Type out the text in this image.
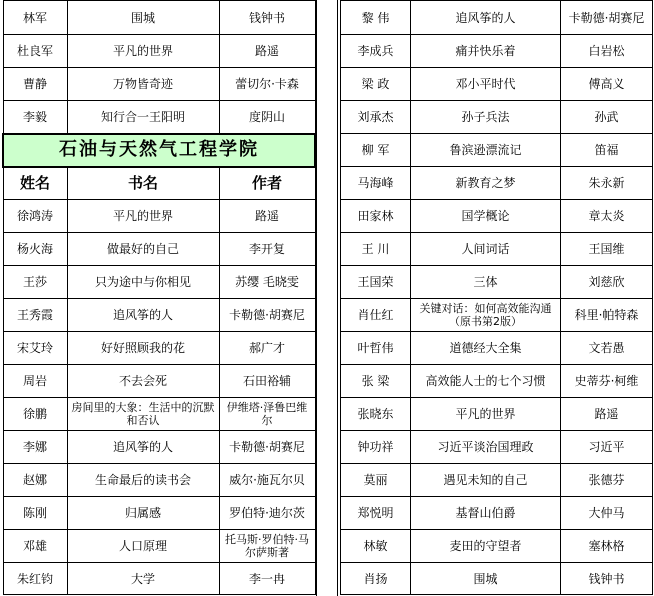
林军	围城	钱钟书
杜良军	平凡的世界	路遥
曹静	万物皆奇迹	蕾切尔·卡森
李毅	知行合一王阳明	度阴山
石油与天然气工程学院		
姓名	书名	作者
徐鸿涛	平凡的世界	路遥
杨火海	做最好的自己	李开复
王莎	只为途中与你相见	苏缨 毛晓雯
王秀霞	追风筝的人	卡勒德·胡赛尼
宋艾玲	好好照顾我的花	郝广才
周岩	不去会死	石田裕辅
徐鹏	房间里的大象：生活中的沉默和否认	伊维塔·泽鲁巴维尔
李娜	追风筝的人	卡勒德·胡赛尼
赵娜	生命最后的读书会	威尔·施瓦尔贝
陈刚	归属感	罗伯特·迪尔茨
邓雄	人口原理	托马斯·罗伯特·马尔萨斯著
朱红钧	大学	李一冉
黎 伟	追风筝的人	卡勒德·胡赛尼
李成兵	痛并快乐着	白岩松
梁 政	邓小平时代	傅高义
刘承杰	孙子兵法	孙武
柳 军	鲁滨逊漂流记	笛福
马海峰	新教育之梦	朱永新
田家林	国学概论	章太炎
王 川	人间词话	王国维
王国荣	三体	刘慈欣
肖仕红	关键对话：如何高效能沟通（原书第2版）	科里·帕特森
叶哲伟	道德经大全集	文若愚
张 梁	高效能人士的七个习惯	史蒂芬·柯维
张晓东	平凡的世界	路遥
钟功祥	习近平谈治国理政	习近平
莫丽	遇见未知的自己	张德芬
郑悦明	基督山伯爵	大仲马
林敏	麦田的守望者	塞林格
肖扬	围城	钱钟书
